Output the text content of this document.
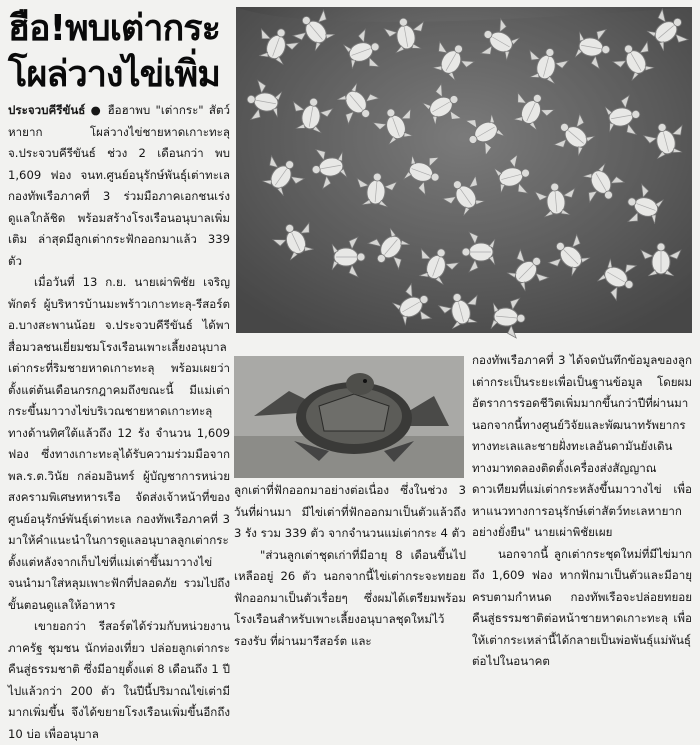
ฮือ!พบเต่ากระ
โผล่วางไข่เพิ่ม

ประจวบคีรีขันธ์ ● ฮือฮาพบ "เต่ากระ" สัตว์หายาก โผล่วางไข่ชายหาดเกาะทะลุ จ.ประจวบคีรีขันธ์ ช่วง 2 เดือนกว่า พบ 1,609 ฟอง จนท.ศูนย์อนุรักษ์พันธุ์เต่าทะเล กองทัพเรือภาคที่ 3 ร่วมมือภาคเอกชนเร่งดูแลใกล้ชิด พร้อมสร้างโรงเรือนอนุบาลเพิ่มเติม ล่าสุดมีลูกเต่ากระฟักออกมาแล้ว 339 ตัว

เมื่อวันที่ 13 ก.ย. นายเผ่าพิชัย เจริญพักตร์ ผู้บริหารบ้านมะพร้าวเกาะทะลุ-รีสอร์ต อ.บางสะพานน้อย จ.ประจวบคีรีขันธ์ ได้พาสื่อมวลชนเยี่ยมชมโรงเรือนเพาะเลี้ยงอนุบาลเต่ากระที่ริมชายหาดเกาะทะลุ พร้อมเผยว่าตั้งแต่ต้นเดือนกรกฎาคมถึงขณะนี้ มีแม่เต่ากระขึ้นมาวางไข่บริเวณชายหาดเกาะทะลุทางด้านทิศใต้แล้วถึง 12 รัง จำนวน 1,609 ฟอง ซึ่งทางเกาะทะลุได้รับความร่วมมือจาก พล.ร.ต.วินัย กล่อมอินทร์ ผู้บัญชาการหน่วยสงครามพิเศษทหารเรือ จัดส่งเจ้าหน้าที่ของศูนย์อนุรักษ์พันธุ์เต่าทะเล กองทัพเรือภาคที่ 3 มาให้คำแนะนำในการดูแลอนุบาลลูกเต่ากระ ตั้งแต่หลังจากเก็บไข่ที่แม่เต่าขึ้นมาวางไข่ จนนำมาใส่หลุมเพาะฟักที่ปลอดภัย รวมไปถึงขั้นตอนดูแลให้อาหาร

เขายอกว่า รีสอร์ตได้ร่วมกับหน่วยงานภาครัฐ ชุมชน นักท่องเที่ยว ปล่อยลูกเต่ากระคืนสู่ธรรมชาติ ซึ่งมีอายุตั้งแต่ 8 เดือนถึง 1 ปี ไปแล้วกว่า 200 ตัว ในปีนี้ปริมาณไข่เต่ามีมากเพิ่มขึ้น จึงได้ขยายโรงเรือนเพิ่มขึ้นอีกถึง 10 บ่อ เพื่ออนุบาล

ลูกเต่าที่ฟักออกมาอย่างต่อเนื่อง ซึ่งในช่วง 3 วันที่ผ่านมา มีไข่เต่าที่ฟักออกมาเป็นตัวแล้วถึง 3 รัง รวม 339 ตัว จากจำนวนแม่เต่ากระ 4 ตัว

"ส่วนลูกเต่าชุดเก่าที่มีอายุ 8 เดือนขึ้นไปเหลืออยู่ 26 ตัว นอกจากนี้ไข่เต่ากระจะทยอยฟักออกมาเป็นตัวเรื่อยๆ ซึ่งผมได้เตรียมพร้อมโรงเรือนสำหรับเพาะเลี้ยงอนุบาลชุดใหม่ไว้รองรับ ที่ผ่านมารีสอร์ต และ

กองทัพเรือภาคที่ 3 ได้จดบันทึกข้อมูลของลูกเต่ากระเป็นระยะเพื่อเป็นฐานข้อมูล โดยผมอัตราการรอดชีวิตเพิ่มมากขึ้นกว่าปีที่ผ่านมา นอกจากนี้ทางศูนย์วิจัยและพัฒนาทรัพยากรทางทะเลและชายฝั่งทะเลอันดามันยังเดินทางมาทดลองติดตั้งเครื่องส่งสัญญาณดาวเทียมที่แม่เต่ากระหลังขึ้นมาวางไข่ เพื่อหาแนวทางการอนุรักษ์เต่าสัตว์ทะเลหายากอย่างยั่งยืน" นายเผ่าพิชัยเผย

นอกจากนี้ ลูกเต่ากระชุดใหม่ที่มีไข่มากถึง 1,609 ฟอง หากฟักมาเป็นตัวและมีอายุครบตามกำหนด กองทัพเรือจะปล่อยทยอยคืนสู่ธรรมชาติต่อหน้าชายหาดเกาะทะลุ เพื่อให้เต่ากระเหล่านี้ได้กลายเป็นพ่อพันธุ์แม่พันธุ์ต่อไปในอนาคต
